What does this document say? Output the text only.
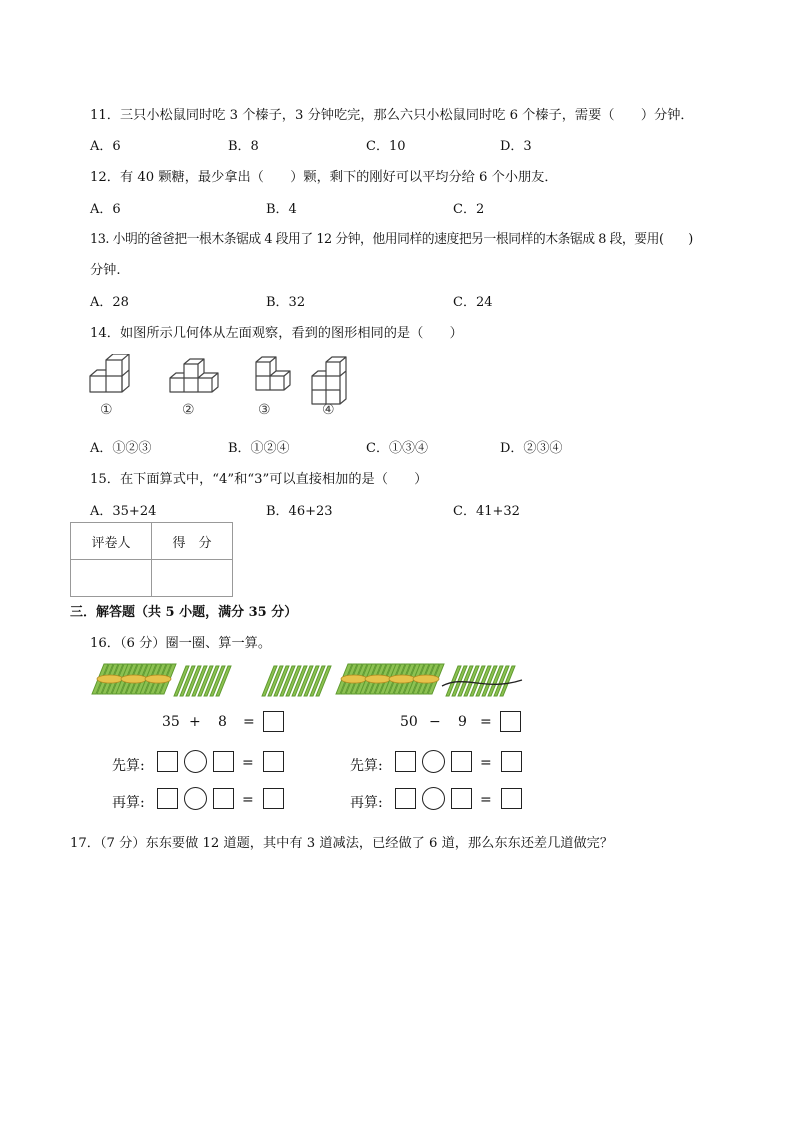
11．三只小松鼠同时吃 3 个榛子，3 分钟吃完，那么六只小松鼠同时吃 6 个榛子，需要（　　）分钟．
A．6	B．8	C．10	D．3
12．有 40 颗糖，最少拿出（　　）颗，剩下的刚好可以平均分给 6 个小朋友．
A．6	B．4	C．2
13. 小明的爸爸把一根木条锯成 4 段用了 12 分钟，他用同样的速度把另一根同样的木条锯成 8 段，要用(　　)
分钟.
A．28	B．32	C．24
14．如图所示几何体从左面观察，看到的图形相同的是（　　）
①	②	③	④
A．①②③	B．①②④	C．①③④	D．②③④
15．在下面算式中，“4”和“3”可以直接相加的是（　　）
A．35+24	B．46+23	C．41+32
评卷人	得　分

三．解答题（共 5 小题，满分 35 分）
16．（6 分）圈一圈、算一算。
35 + 8 =	50 − 9 =
先算:	=	先算:	=
再算:	=	再算:	=
17．（7 分）东东要做 12 道题，其中有 3 道减法，已经做了 6 道，那么东东还差几道做完？
